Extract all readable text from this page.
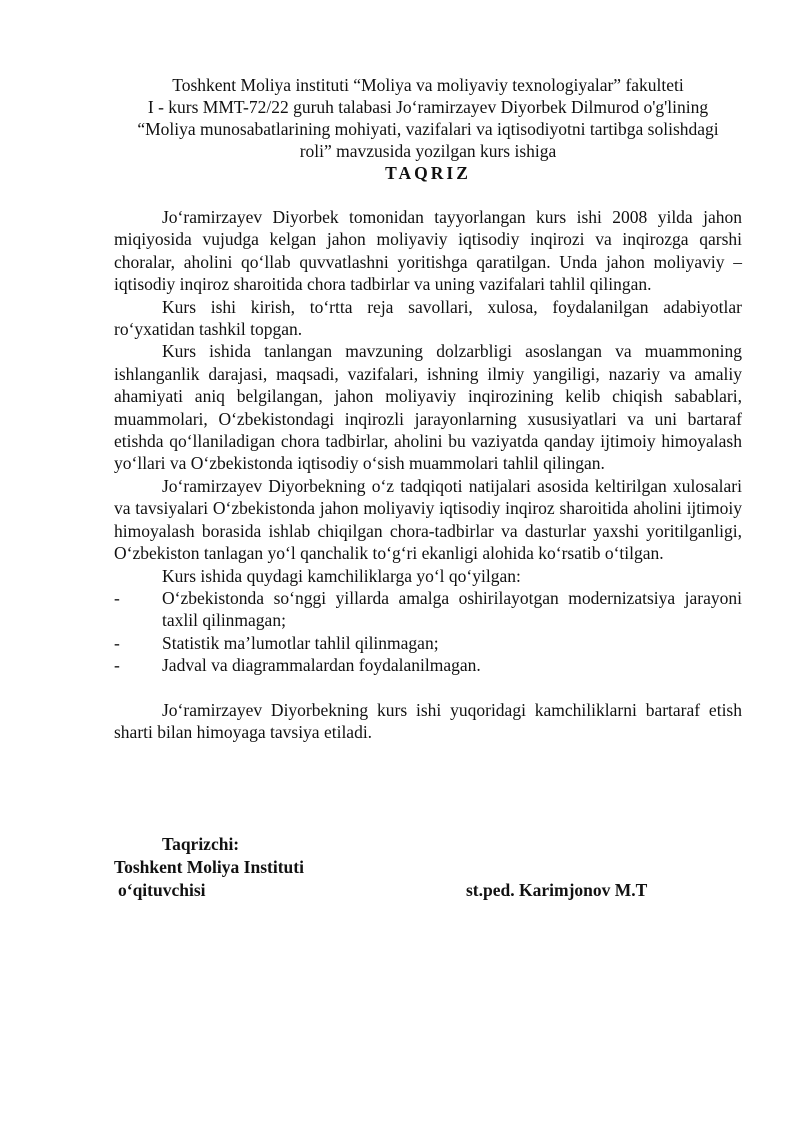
Toshkent Moliya instituti “Moliya va moliyaviy texnologiyalar” fakulteti

I - kurs MMT-72/22 guruh talabasi Jo‘ramirzayev Diyorbek Dilmurod o'g'lining

“Moliya munosabatlarining mohiyati, vazifalari va iqtisodiyotni tartibga solishdagi

roli” mavzusida yozilgan kurs ishiga

TAQRIZ

Jo‘ramirzayev Diyorbek tomonidan tayyorlangan kurs ishi 2008 yilda jahon miqiyosida vujudga kelgan jahon moliyaviy iqtisodiy inqirozi va inqirozga qarshi choralar, aholini qo‘llab quvvatlashni yoritishga qaratilgan. Unda jahon moliyaviy – iqtisodiy inqiroz sharoitida chora tadbirlar va uning vazifalari tahlil qilingan.

Kurs ishi kirish, to‘rtta reja savollari, xulosa, foydalanilgan adabiyotlar ro‘yxatidan tashkil topgan.

Kurs ishida tanlangan mavzuning dolzarbligi asoslangan va muammoning ishlanganlik darajasi, maqsadi, vazifalari, ishning ilmiy yangiligi, nazariy va amaliy ahamiyati aniq belgilangan, jahon moliyaviy inqirozining kelib chiqish sabablari, muammolari, O‘zbekistondagi inqirozli jarayonlarning xususiyatlari va uni bartaraf etishda qo‘llaniladigan chora tadbirlar, aholini bu vaziyatda qanday ijtimoiy himoyalash yo‘llari va O‘zbekistonda iqtisodiy o‘sish muammolari tahlil qilingan.

Jo‘ramirzayev Diyorbekning o‘z tadqiqoti natijalari asosida keltirilgan xulosalari va tavsiyalari O‘zbekistonda jahon moliyaviy iqtisodiy inqiroz sharoitida aholini ijtimoiy himoyalash borasida ishlab chiqilgan chora-tadbirlar va dasturlar yaxshi yoritilganligi, O‘zbekiston tanlagan yo‘l qanchalik to‘g‘ri ekanligi alohida ko‘rsatib o‘tilgan.

Kurs ishida quydagi kamchiliklarga yo‘l qo‘yilgan:

- O‘zbekistonda so‘nggi yillarda amalga oshirilayotgan modernizatsiya jarayoni taxlil qilinmagan;
- Statistik ma’lumotlar tahlil qilinmagan;
- Jadval va diagrammalardan foydalanilmagan.

Jo‘ramirzayev Diyorbekning kurs ishi yuqoridagi kamchiliklarni bartaraf etish sharti bilan himoyaga tavsiya etiladi.

Taqrizchi:
Toshkent Moliya Instituti
o‘qituvchisi	st.ped. Karimjonov M.T
